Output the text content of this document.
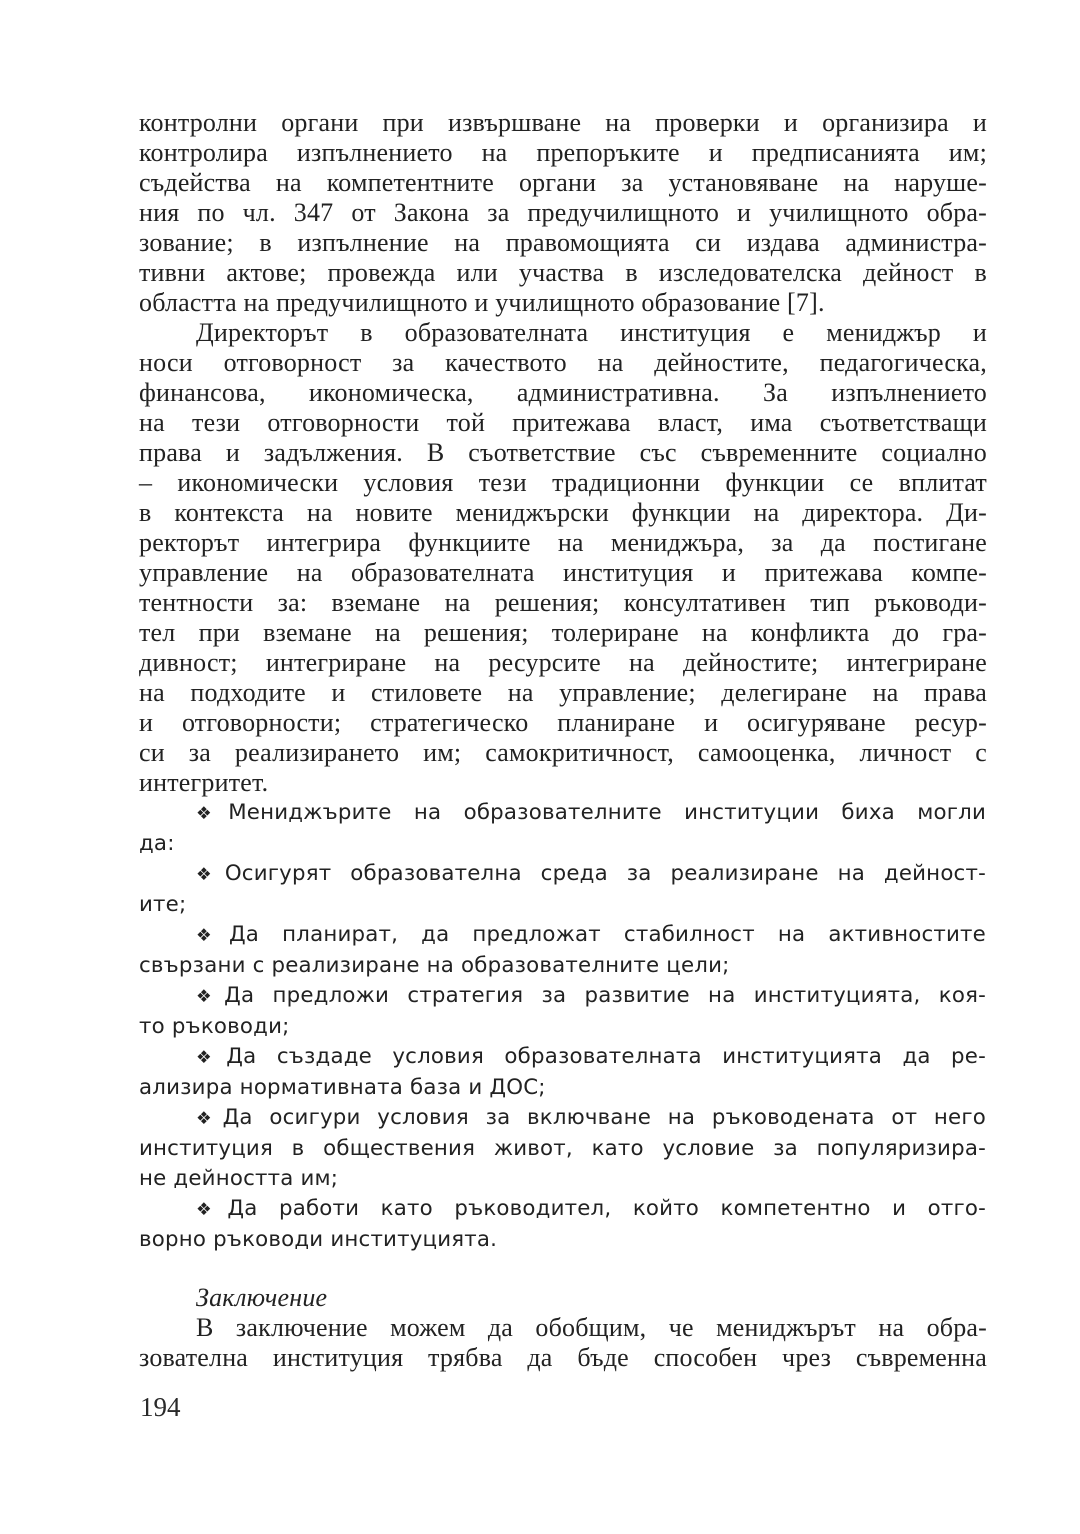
контролни органи при извършване на проверки и организира и
контролира изпълнението на препоръките и предписанията им;
съдейства на компетентните органи за установяване на наруше-
ния по чл. 347 от Закона за предучилищното и училищното обра-
зование; в изпълнение на правомощията си издава администра-
тивни актове; провежда или участва в изследователска дейност в
областта на предучилищното и училищното образование [7].
Директорът в образователната институция е мениджър и
носи отговорност за качеството на дейностите, педагогическа,
финансова, икономическа, административна. За изпълнението
на тези отговорности той притежава власт, има съответстващи
права и задължения. В съответствие със съвременните социално
– икономически условия тези традиционни функции се вплитат
в контекста на новите мениджърски функции на директора. Ди-
ректорът интегрира функциите на мениджъра, за да постигане
управление на образователната институция и притежава компе-
тентности за: вземане на решения; консултативен тип ръководи-
тел при вземане на решения; толериране на конфликта до гра-
дивност; интегриране на ресурсите на дейностите; интегриране
на подходите и стиловете на управление; делегиране на права
и отговорности; стратегическо планиране и осигуряване ресур-
си за реализирането им; самокритичност, самооценка, личност с
интегритет.
❖Мениджърите на образователните институции биха могли
да:
❖Осигурят образователна среда за реализиране на дейност-
ите;
❖Да планират, да предложат стабилност на активностите
свързани с реализиране на образователните цели;
❖Да предложи стратегия за развитие на институцията, коя-
то ръководи;
❖Да създаде условия образователната институцията да ре-
ализира нормативната база и ДОС;
❖Да осигури условия за включване на ръководената от него
институция в обществения живот, като условие за популяризира-
не дейността им;
❖Да работи като ръководител, който компетентно и отго-
ворно ръководи институцията.
Заключение
В заключение можем да обобщим, че мениджърът на обра-
зователна институция трябва да бъде способен чрез съвременна
194
